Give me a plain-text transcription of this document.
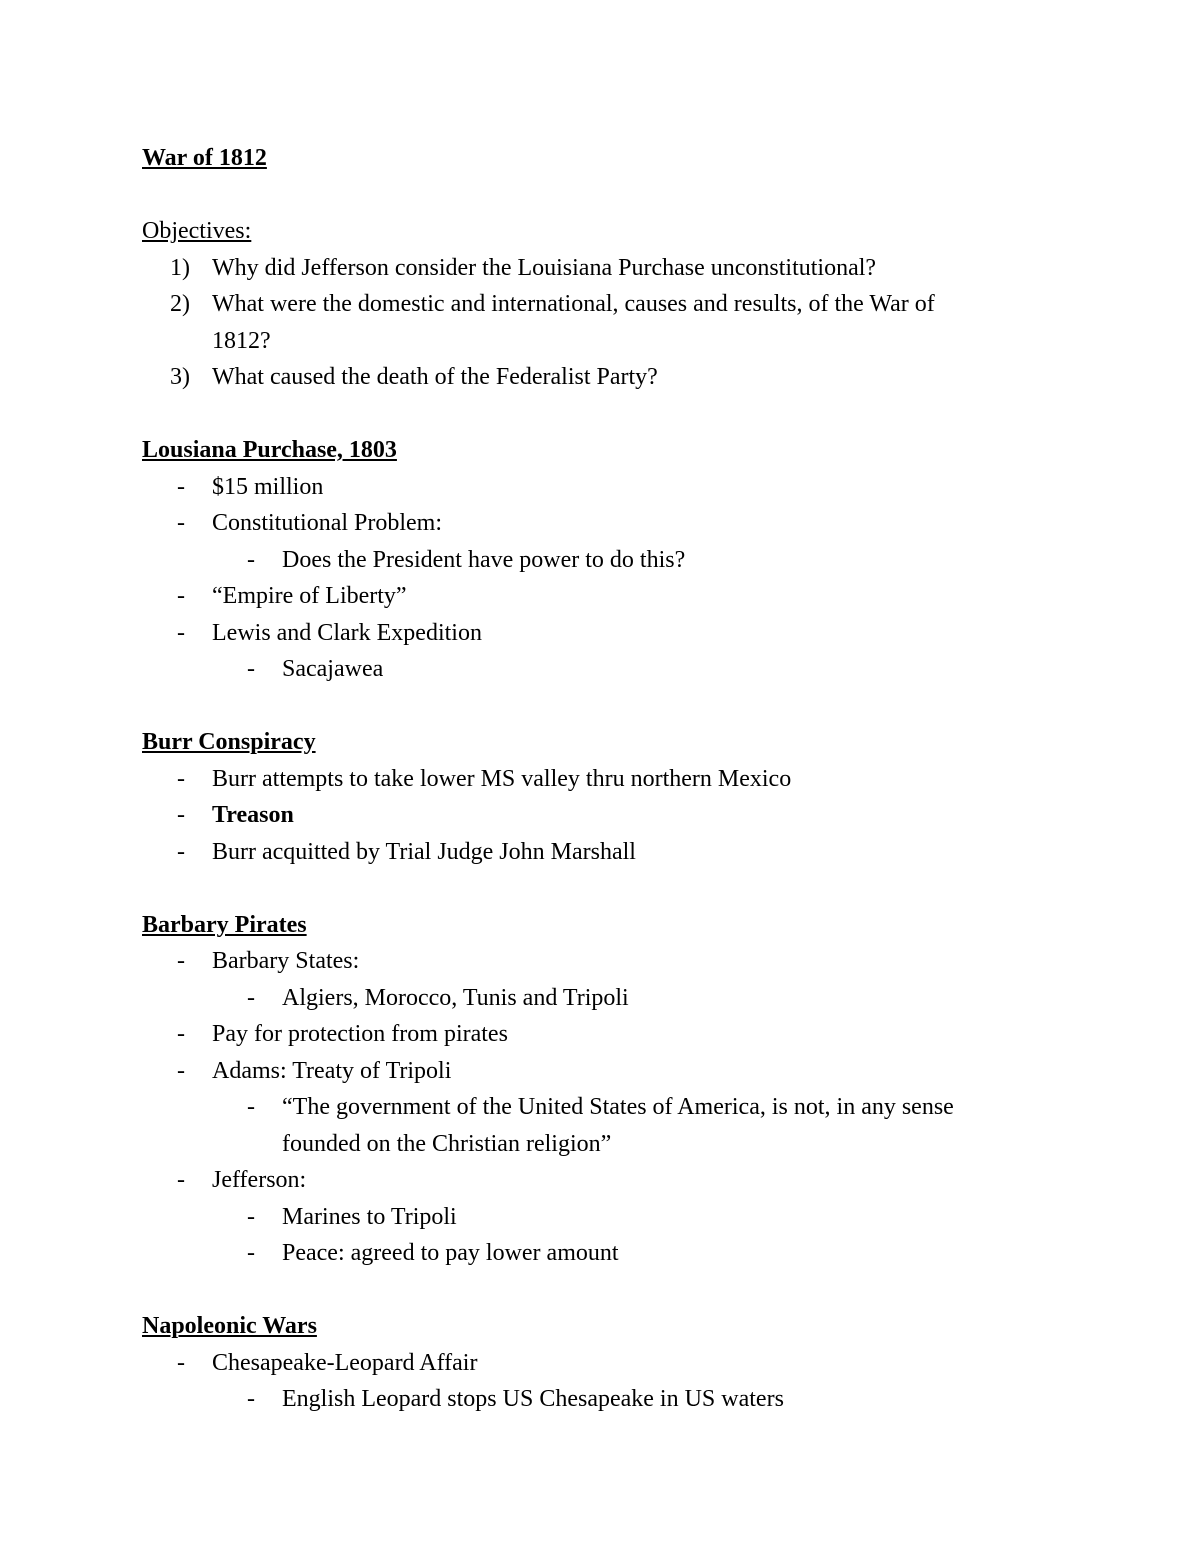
War of 1812
Objectives:
1) Why did Jefferson consider the Louisiana Purchase unconstitutional?
2) What were the domestic and international, causes and results, of the War of
1812?
3) What caused the death of the Federalist Party?
Lousiana Purchase, 1803
- $15 million
- Constitutional Problem:
- Does the President have power to do this?
- “Empire of Liberty”
- Lewis and Clark Expedition
- Sacajawea
Burr Conspiracy
- Burr attempts to take lower MS valley thru northern Mexico
- Treason
- Burr acquitted by Trial Judge John Marshall
Barbary Pirates
- Barbary States:
- Algiers, Morocco, Tunis and Tripoli
- Pay for protection from pirates
- Adams: Treaty of Tripoli
- “The government of the United States of America, is not, in any sense
founded on the Christian religion”
- Jefferson:
- Marines to Tripoli
- Peace: agreed to pay lower amount
Napoleonic Wars
- Chesapeake-Leopard Affair
- English Leopard stops US Chesapeake in US waters
